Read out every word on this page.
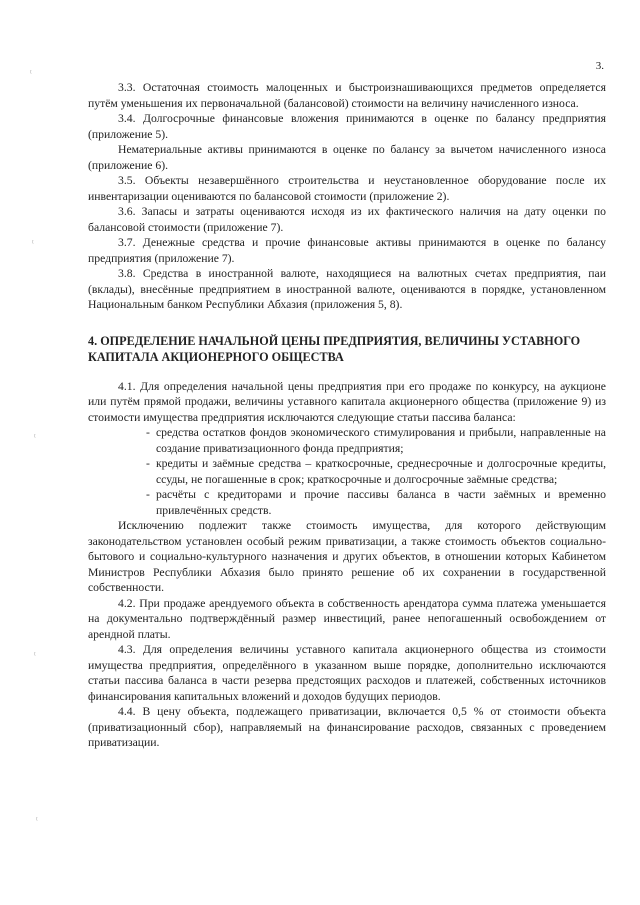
3.
ᵗ
ᵗ
ᵗ
ᵗ
ᵗ

3.3. Остаточная стоимость малоценных и быстроизнашивающихся предметов определяется путём уменьшения их первоначальной (балансовой) стоимости на величину начисленного износа.

3.4. Долгосрочные финансовые вложения принимаются в оценке по балансу предприятия (приложение 5).

Нематериальные активы принимаются в оценке по балансу за вычетом начисленного износа (приложение 6).

3.5. Объекты незавершённого строительства и неустановленное оборудование после их инвентаризации оцениваются по балансовой стоимости (приложение 2).

3.6. Запасы и затраты оцениваются исходя из их фактического наличия на дату оценки по балансовой стоимости (приложение 7).

3.7. Денежные средства и прочие финансовые активы принимаются в оценке по балансу предприятия (приложение 7).

3.8. Средства в иностранной валюте, находящиеся на валютных счетах предприятия, паи (вклады), внесённые предприятием в иностранной валюте, оцениваются в порядке, установленном Национальным банком Республики Абхазия (приложения 5, 8).

4. ОПРЕДЕЛЕНИЕ НАЧАЛЬНОЙ ЦЕНЫ ПРЕДПРИЯТИЯ, ВЕЛИЧИНЫ УСТАВНОГО КАПИТАЛА АКЦИОНЕРНОГО ОБЩЕСТВА

4.1. Для определения начальной цены предприятия при его продаже по конкурсу, на аукционе или путём прямой продажи, величины уставного капитала акционерного общества (приложение 9) из стоимости имущества предприятия исключаются следующие статьи пассива баланса:

- средства остатков фондов экономического стимулирования и прибыли, направленные на создание приватизационного фонда предприятия;
- кредиты и заёмные средства – краткосрочные, среднесрочные и долгосрочные кредиты, ссуды, не погашенные в срок; краткосрочные и долгосрочные заёмные средства;
- расчёты с кредиторами и прочие пассивы баланса в части заёмных и временно привлечённых средств.

Исключению подлежит также стоимость имущества, для которого действующим законодательством установлен особый режим приватизации, а также стоимость объектов социально-бытового и социально-культурного назначения и других объектов, в отношении которых Кабинетом Министров Республики Абхазия было принято решение об их сохранении в государственной собственности.

4.2. При продаже арендуемого объекта в собственность арендатора сумма платежа уменьшается на документально подтверждённый размер инвестиций, ранее непогашенный освобождением от арендной платы.

4.3. Для определения величины уставного капитала акционерного общества из стоимости имущества предприятия, определённого в указанном выше порядке, дополнительно исключаются статьи пассива баланса в части резерва предстоящих расходов и платежей, собственных источников финансирования капитальных вложений и доходов будущих периодов.

4.4. В цену объекта, подлежащего приватизации, включается 0,5 % от стоимости объекта (приватизационный сбор), направляемый на финансирование расходов, связанных с проведением приватизации.
